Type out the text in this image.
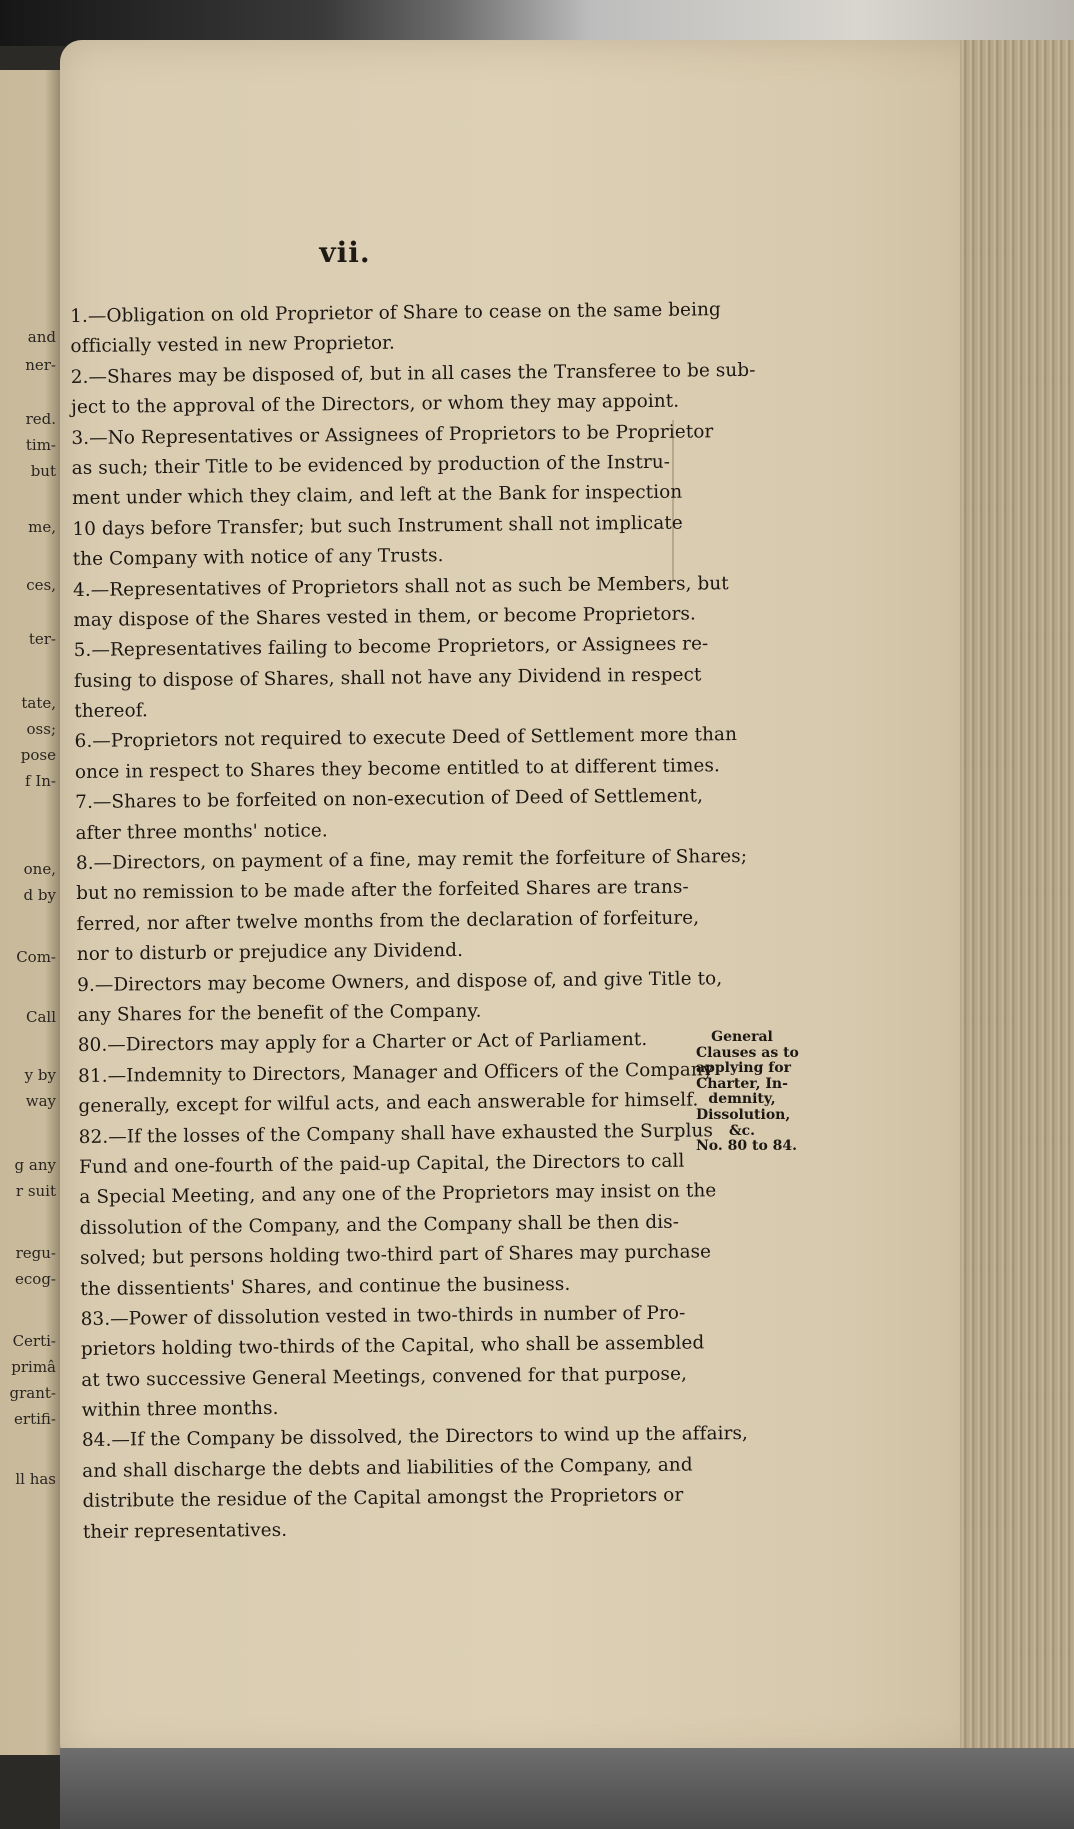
and
ner-
red.
tim-
but
me,
ces,
ter-
tate,
oss;
pose
f In-
one,
d by
Com-
Call
y by
way
g any
r suit
regu-
ecog-
Certi-
primâ
grant-
ertifi-
ll has
vii.
1.—Obligation on old Proprietor of Share to cease on the same being
officially vested in new Proprietor.
2.—Shares may be disposed of, but in all cases the Transferee to be sub-
ject to the approval of the Directors, or whom they may appoint.
3.—No Representatives or Assignees of Proprietors to be Proprietor
as such; their Title to be evidenced by production of the Instru-
ment under which they claim, and left at the Bank for inspection
10 days before Transfer; but such Instrument shall not implicate
the Company with notice of any Trusts.
4.—Representatives of Proprietors shall not as such be Members, but
may dispose of the Shares vested in them, or become Proprietors.
5.—Representatives failing to become Proprietors, or Assignees re-
fusing to dispose of Shares, shall not have any Dividend in respect
thereof.
6.—Proprietors not required to execute Deed of Settlement more than
once in respect to Shares they become entitled to at different times.
7.—Shares to be forfeited on non-execution of Deed of Settlement,
after three months' notice.
8.—Directors, on payment of a fine, may remit the forfeiture of Shares;
but no remission to be made after the forfeited Shares are trans-
ferred, nor after twelve months from the declaration of forfeiture,
nor to disturb or prejudice any Dividend.
9.—Directors may become Owners, and dispose of, and give Title to,
any Shares for the benefit of the Company.
80.—Directors may apply for a Charter or Act of Parliament.
81.—Indemnity to Directors, Manager and Officers of the Company
generally, except for wilful acts, and each answerable for himself.
82.—If the losses of the Company shall have exhausted the Surplus
Fund and one-fourth of the paid-up Capital, the Directors to call
a Special Meeting, and any one of the Proprietors may insist on the
dissolution of the Company, and the Company shall be then dis-
solved; but persons holding two-third part of Shares may purchase
the dissentients' Shares, and continue the business.
83.—Power of dissolution vested in two-thirds in number of Pro-
prietors holding two-thirds of the Capital, who shall be assembled
at two successive General Meetings, convened for that purpose,
within three months.
84.—If the Company be dissolved, the Directors to wind up the affairs,
and shall discharge the debts and liabilities of the Company, and
distribute the residue of the Capital amongst the Proprietors or
their representatives.
General
Clauses as to
applying for
Charter, In-
demnity,
Dissolution,
&c.
No. 80 to 84.
